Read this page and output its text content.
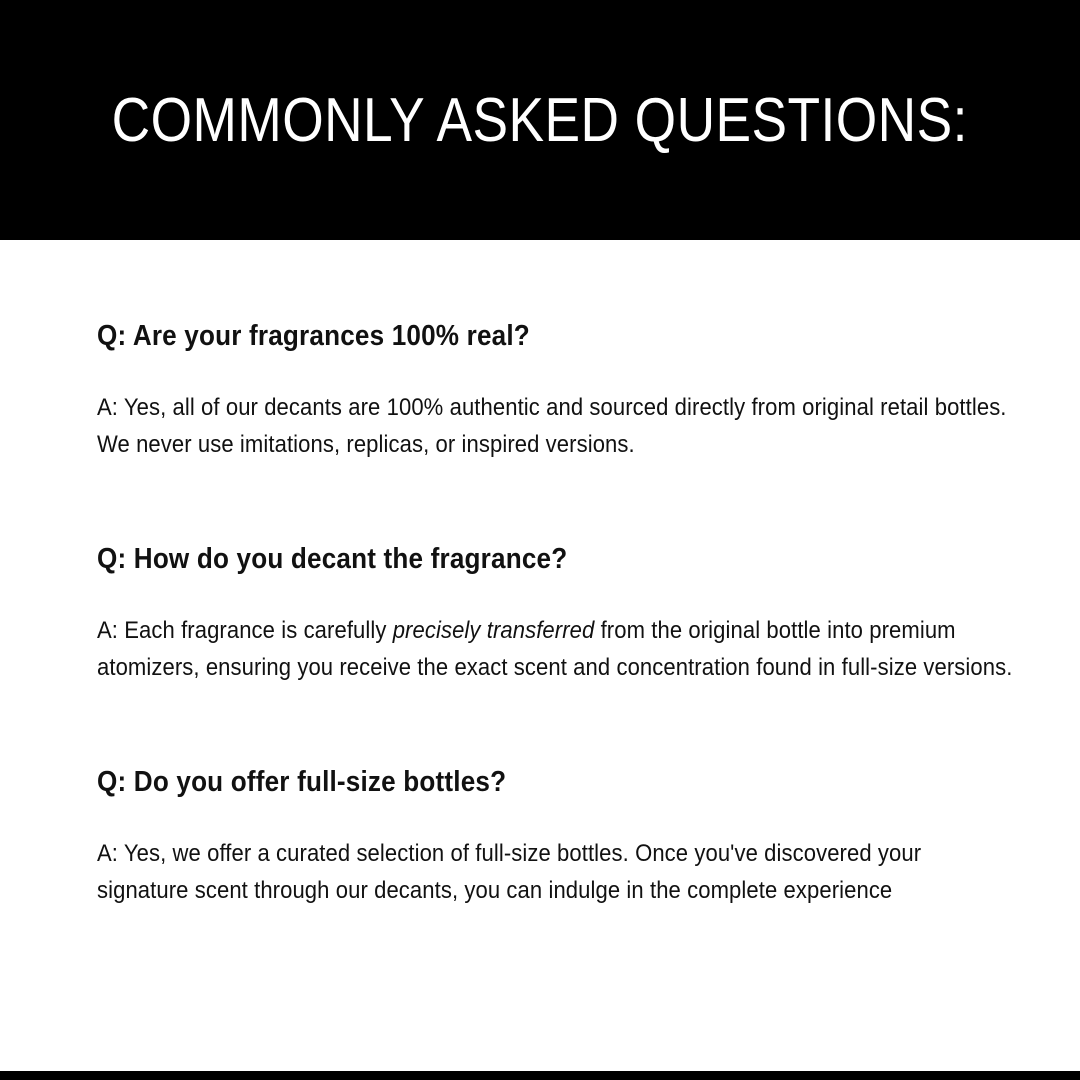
COMMONLY ASKED QUESTIONS:
Q: Are your fragrances 100% real?

A: Yes, all of our decants are 100% authentic and sourced directly from original retail bottles. We never use imitations, replicas, or inspired versions.

Q: How do you decant the fragrance?

A: Each fragrance is carefully precisely transferred from the original bottle into premium atomizers, ensuring you receive the exact scent and concentration found in full-size versions.

Q: Do you offer full-size bottles?

A: Yes, we offer a curated selection of full-size bottles. Once you've discovered your signature scent through our decants, you can indulge in the complete experience
